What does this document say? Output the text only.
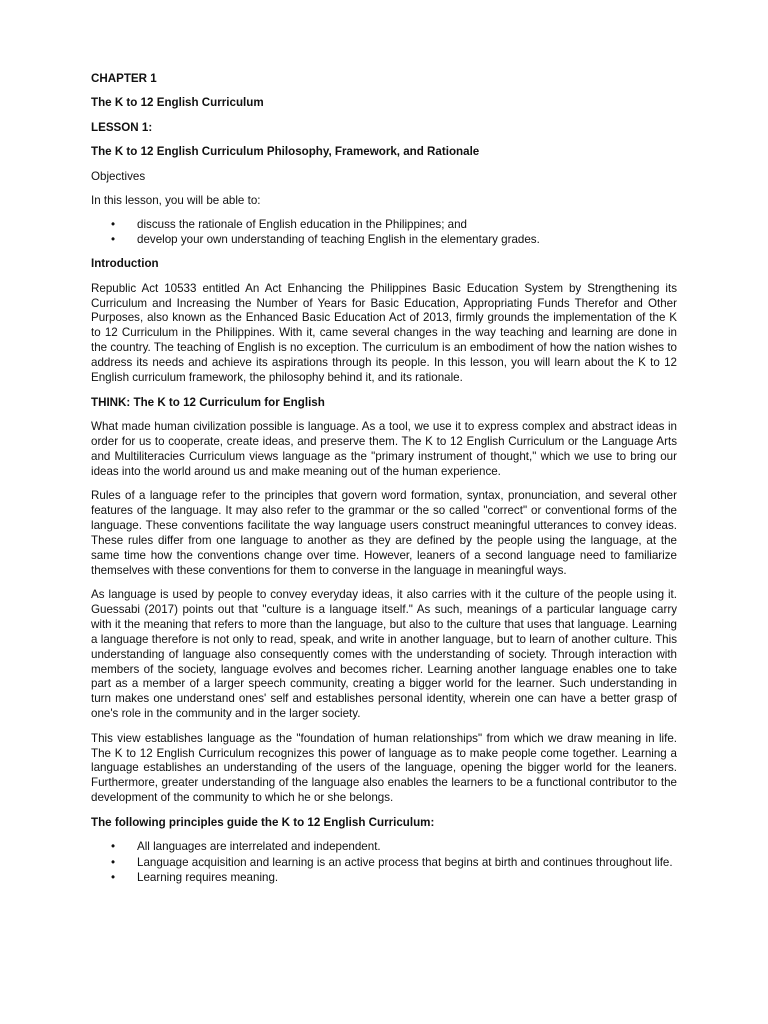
CHAPTER 1

The K to 12 English Curriculum

LESSON 1:

The K to 12 English Curriculum Philosophy, Framework, and Rationale

Objectives

In this lesson, you will be able to:

• discuss the rationale of English education in the Philippines; and
• develop your own understanding of teaching English in the elementary grades.

Introduction

Republic Act 10533 entitled An Act Enhancing the Philippines Basic Education System by Strengthening its Curriculum and Increasing the Number of Years for Basic Education, Appropriating Funds Therefor and Other Purposes, also known as the Enhanced Basic Education Act of 2013, firmly grounds the implementation of the K to 12 Curriculum in the Philippines. With it, came several changes in the way teaching and learning are done in the country. The teaching of English is no exception. The curriculum is an embodiment of how the nation wishes to address its needs and achieve its aspirations through its people. In this lesson, you will learn about the K to 12 English curriculum framework, the philosophy behind it, and its rationale.

THINK: The K to 12 Curriculum for English

What made human civilization possible is language. As a tool, we use it to express complex and abstract ideas in order for us to cooperate, create ideas, and preserve them. The K to 12 English Curriculum or the Language Arts and Multiliteracies Curriculum views language as the "primary instrument of thought," which we use to bring our ideas into the world around us and make meaning out of the human experience.

Rules of a language refer to the principles that govern word formation, syntax, pronunciation, and several other features of the language. It may also refer to the grammar or the so called "correct" or conventional forms of the language. These conventions facilitate the way language users construct meaningful utterances to convey ideas. These rules differ from one language to another as they are defined by the people using the language, at the same time how the conventions change over time. However, leaners of a second language need to familiarize themselves with these conventions for them to converse in the language in meaningful ways.

As language is used by people to convey everyday ideas, it also carries with it the culture of the people using it. Guessabi (2017) points out that "culture is a language itself." As such, meanings of a particular language carry with it the meaning that refers to more than the language, but also to the culture that uses that language. Learning a language therefore is not only to read, speak, and write in another language, but to learn of another culture. This understanding of language also consequently comes with the understanding of society. Through interaction with members of the society, language evolves and becomes richer. Learning another language enables one to take part as a member of a larger speech community, creating a bigger world for the learner. Such understanding in turn makes one understand ones' self and establishes personal identity, wherein one can have a better grasp of one's role in the community and in the larger society.

This view establishes language as the "foundation of human relationships" from which we draw meaning in life. The K to 12 English Curriculum recognizes this power of language as to make people come together. Learning a language establishes an understanding of the users of the language, opening the bigger world for the leaners. Furthermore, greater understanding of the language also enables the learners to be a functional contributor to the development of the community to which he or she belongs.

The following principles guide the K to 12 English Curriculum:

• All languages are interrelated and independent.
• Language acquisition and learning is an active process that begins at birth and continues throughout life.
• Learning requires meaning.
